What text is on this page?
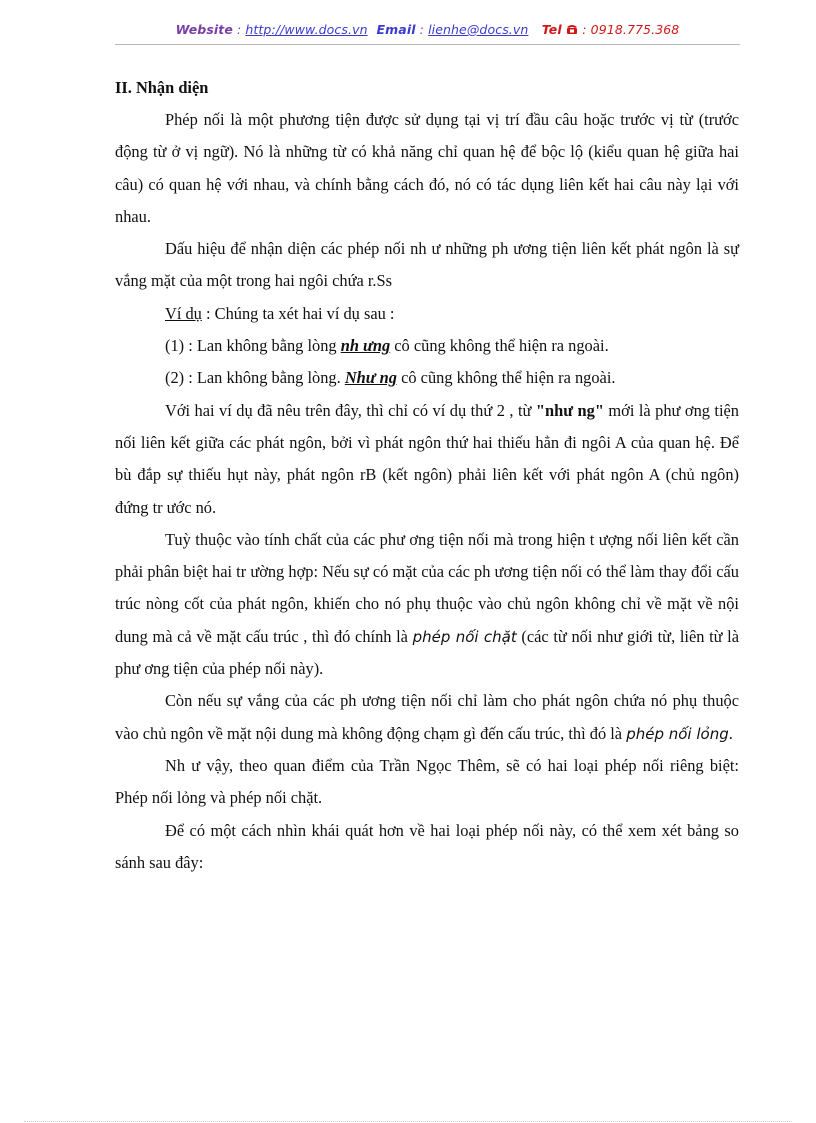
Website : http://www.docs.vn Email : lienhe@docs.vn Tel  : 0918.775.368

II. Nhận diện

Phép nối là một phương tiện được sử dụng tại vị trí đầu câu hoặc trước vị từ (trước động từ ở vị ngữ). Nó là những từ có khả năng chỉ quan hệ để bộc lộ (kiểu quan hệ giữa hai câu) có quan hệ với nhau, và chính bằng cách đó, nó có tác dụng liên kết hai câu này lại với nhau.

Dấu hiệu để nhận diện các phép nối nh ư những ph ương tiện liên kết phát ngôn là sự vắng mặt của một trong hai ngôi chứa r.Ss

Ví dụ : Chúng ta xét hai ví dụ sau :

(1) : Lan không bằng lòng nh ưng cô cũng không thể hiện ra ngoài.

(2) : Lan không bằng lòng. Như ng cô cũng không thể hiện ra ngoài.

Với hai ví dụ đã nêu trên đây, thì chỉ có ví dụ thứ 2 , từ "như ng" mới là phư ơng tiện nối liên kết giữa các phát ngôn, bởi vì phát ngôn thứ hai thiếu hẳn đi ngôi A của quan hệ. Để bù đắp sự thiếu hụt này, phát ngôn rB (kết ngôn) phải liên kết với phát ngôn A (chủ ngôn) đứng tr ước nó.

Tuỳ thuộc vào tính chất của các phư ơng tiện nối mà trong hiện t ượng nối liên kết cần phải phân biệt hai tr ường hợp: Nếu sự có mặt của các ph ương tiện nối có thể làm thay đổi cấu trúc nòng cốt của phát ngôn, khiến cho nó phụ thuộc vào chủ ngôn không chỉ về mặt về nội dung mà cả về mặt cấu trúc , thì đó chính là phép nối chặt (các từ nối như giới từ, liên từ là phư ơng tiện của phép nối này).

Còn nếu sự vắng của các ph ương tiện nối chỉ làm cho phát ngôn chứa nó phụ thuộc vào chủ ngôn về mặt nội dung mà không động chạm gì đến cấu trúc, thì đó là phép nối lỏng.

Nh ư vậy, theo quan điểm của Trần Ngọc Thêm, sẽ có hai loại phép nối riêng biệt: Phép nối lỏng và phép nối chặt.

Để có một cách nhìn khái quát hơn về hai loại phép nối này, có thể xem xét bảng so sánh sau đây:
